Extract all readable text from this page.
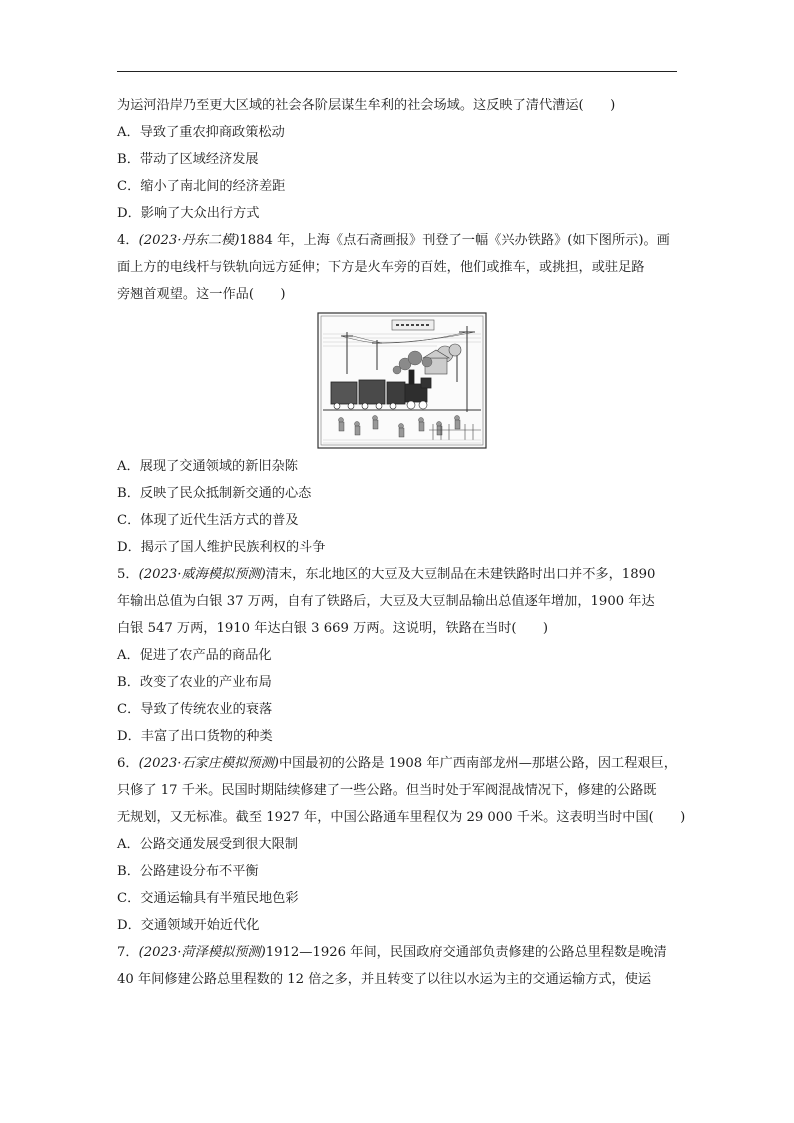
为运河沿岸乃至更大区域的社会各阶层谋生牟利的社会场域。这反映了清代漕运(　　)
A．导致了重农抑商政策松动
B．带动了区域经济发展
C．缩小了南北间的经济差距
D．影响了大众出行方式
4．(2023·丹东二模)1884 年，上海《点石斋画报》刊登了一幅《兴办铁路》(如下图所示)。画
面上方的电线杆与铁轨向远方延伸；下方是火车旁的百姓，他们或推车，或挑担，或驻足路
旁翘首观望。这一作品(　　)
A．展现了交通领域的新旧杂陈
B．反映了民众抵制新交通的心态
C．体现了近代生活方式的普及
D．揭示了国人维护民族利权的斗争
5．(2023·威海模拟预测)清末，东北地区的大豆及大豆制品在未建铁路时出口并不多，1890
年输出总值为白银 37 万两，自有了铁路后，大豆及大豆制品输出总值逐年增加，1900 年达
白银 547 万两，1910 年达白银 3 669 万两。这说明，铁路在当时(　　)
A．促进了农产品的商品化
B．改变了农业的产业布局
C．导致了传统农业的衰落
D．丰富了出口货物的种类
6．(2023·石家庄模拟预测)中国最初的公路是 1908 年广西南部龙州—那堪公路，因工程艰巨，
只修了 17 千米。民国时期陆续修建了一些公路。但当时处于军阀混战情况下，修建的公路既
无规划，又无标准。截至 1927 年，中国公路通车里程仅为 29 000 千米。这表明当时中国(　　)
A．公路交通发展受到很大限制
B．公路建设分布不平衡
C．交通运输具有半殖民地色彩
D．交通领域开始近代化
7．(2023·菏泽模拟预测)1912—1926 年间，民国政府交通部负责修建的公路总里程数是晚清
40 年间修建公路总里程数的 12 倍之多，并且转变了以往以水运为主的交通运输方式，使运
